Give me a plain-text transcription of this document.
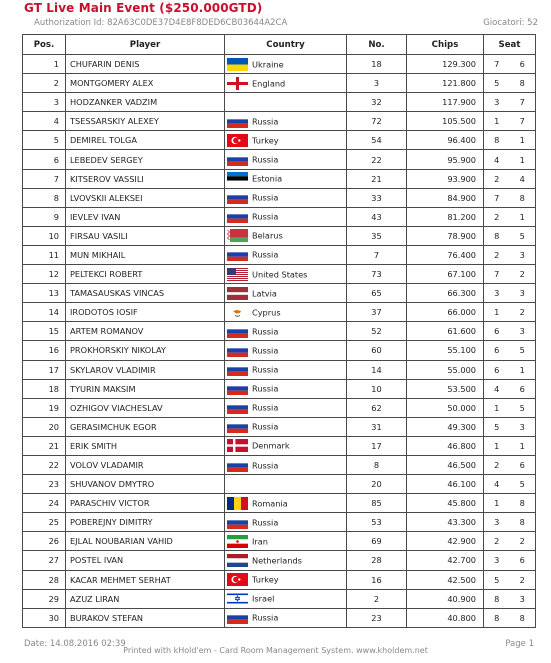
GT Live Main Event ($250.000GTD)
Authorization Id: 82A63C0DE37D4E8F8DED6CB03644A2CA	Giocatori: 52
Pos.	Player	Country	No.	Chips	Seat	
1	CHUFARIN DENIS	Ukraine	18	129.300	7	6
2	MONTGOMERY ALEX	England	3	121.800	5	8
3	HODZANKER VADZIM		32	117.900	3	7
4	TSESSARSKIY ALEXEY	Russia	72	105.500	1	7
5	DEMIREL TOLGA	Turkey	54	96.400	8	1
6	LEBEDEV SERGEY	Russia	22	95.900	4	1
7	KITSEROV VASSILI	Estonia	21	93.900	2	4
8	LVOVSKII ALEKSEI	Russia	33	84.900	7	8
9	IEVLEV IVAN	Russia	43	81.200	2	1
10	FIRSAU VASILI	Belarus	35	78.900	8	5
11	MUN MIKHAIL	Russia	7	76.400	2	3
12	PELTEKCI ROBERT	United States	73	67.100	7	2
13	TAMASAUSKAS VINCAS	Latvia	65	66.300	3	3
14	IRODOTOS IOSIF	Cyprus	37	66.000	1	2
15	ARTEM ROMANOV	Russia	52	61.600	6	3
16	PROKHORSKIY NIKOLAY	Russia	60	55.100	6	5
17	SKYLAROV VLADIMIR	Russia	14	55.000	6	1
18	TYURIN MAKSIM	Russia	10	53.500	4	6
19	OZHIGOV VIACHESLAV	Russia	62	50.000	1	5
20	GERASIMCHUK EGOR	Russia	31	49.300	5	3
21	ERIK SMITH	Denmark	17	46.800	1	1
22	VOLOV VLADAMIR	Russia	8	46.500	2	6
23	SHUVANOV DMYTRO		20	46.100	4	5
24	PARASCHIV VICTOR	Romania	85	45.800	1	8
25	POBEREJNY DIMITRY	Russia	53	43.300	3	8
26	EJLAL NOUBARIAN VAHID	Iran	69	42.900	2	2
27	POSTEL IVAN	Netherlands	28	42.700	3	6
28	KACAR MEHMET SERHAT	Turkey	16	42.500	5	2
29	AZUZ LIRAN	Israel	2	40.900	8	3
30	BURAKOV STEFAN	Russia	23	40.800	8	8
Date: 14.08.2016 02:39
Printed with kHold'em - Card Room Management System. www.kholdem.net
Page 1
